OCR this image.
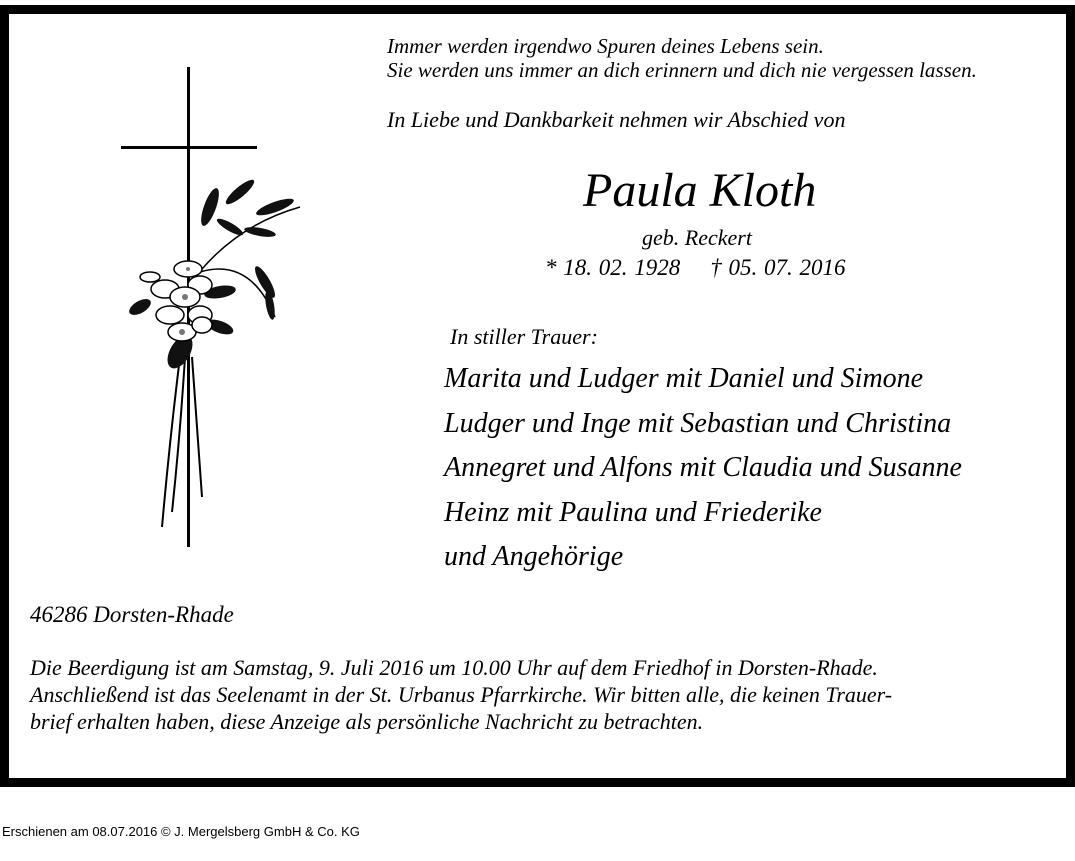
Immer werden irgendwo Spuren deines Lebens sein.
Sie werden uns immer an dich erinnern und dich nie vergessen lassen.
In Liebe und Dankbarkeit nehmen wir Abschied von
Paula Kloth
geb. Reckert
* 18. 02. 1928 † 05. 07. 2016
In stiller Trauer:
Marita und Ludger mit Daniel und Simone
Ludger und Inge mit Sebastian und Christina
Annegret und Alfons mit Claudia und Susanne
Heinz mit Paulina und Friederike
und Angehörige
46286 Dorsten-Rhade
Die Beerdigung ist am Samstag, 9. Juli 2016 um 10.00 Uhr auf dem Friedhof in Dorsten-Rhade.
Anschließend ist das Seelenamt in der St. Urbanus Pfarrkirche. Wir bitten alle, die keinen Trauer-
brief erhalten haben, diese Anzeige als persönliche Nachricht zu betrachten.
Erschienen am 08.07.2016 © J. Mergelsberg GmbH & Co. KG
